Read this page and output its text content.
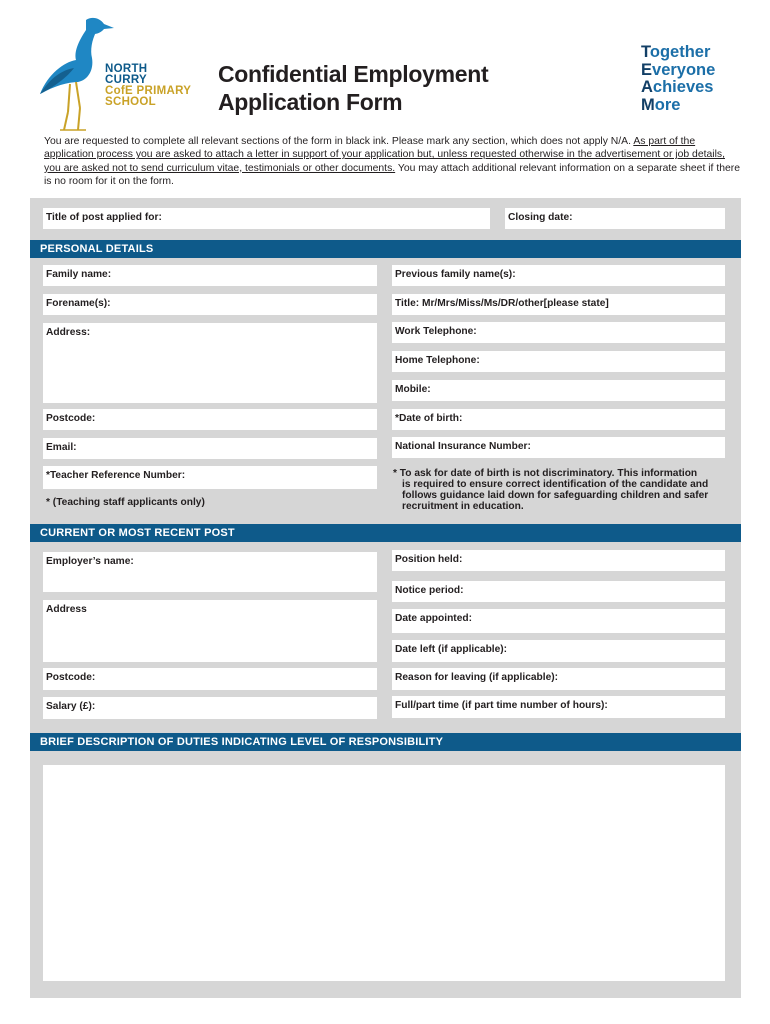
NORTH
CURRY
CofE PRIMARY
SCHOOL
Confidential Employment
Application Form
Together
Everyone
Achieves
More
You are requested to complete all relevant sections of the form in black ink. Please mark any section, which does not apply N/A. As part of the application process you are asked to attach a letter in support of your application but, unless requested otherwise in the advertisement or job details, you are asked not to send curriculum vitae, testimonials or other documents. You may attach additional relevant information on a separate sheet if there is no room for it on the form.
Title of post applied for:	Closing date:
PERSONAL DETAILS
Family name:	Previous family name(s):
Forename(s):	Title: Mr/Mrs/Miss/Ms/DR/other[please state]
Address:	Work Telephone:
Home Telephone:
Mobile:
Postcode:	*Date of birth:
Email:	National Insurance Number:
*Teacher Reference Number:
* (Teaching staff applicants only)
* To ask for date of birth is not discriminatory. This information
is required to ensure correct identification of the candidate and
follows guidance laid down for safeguarding children and safer
recruitment in education.
CURRENT OR MOST RECENT POST
Employer’s name:	Position held:
Notice period:
Address
Date appointed:
Date left (if applicable):
Postcode:	Reason for leaving (if applicable):
Salary (£):	Full/part time (if part time number of hours):
BRIEF DESCRIPTION OF DUTIES INDICATING LEVEL OF RESPONSIBILITY
